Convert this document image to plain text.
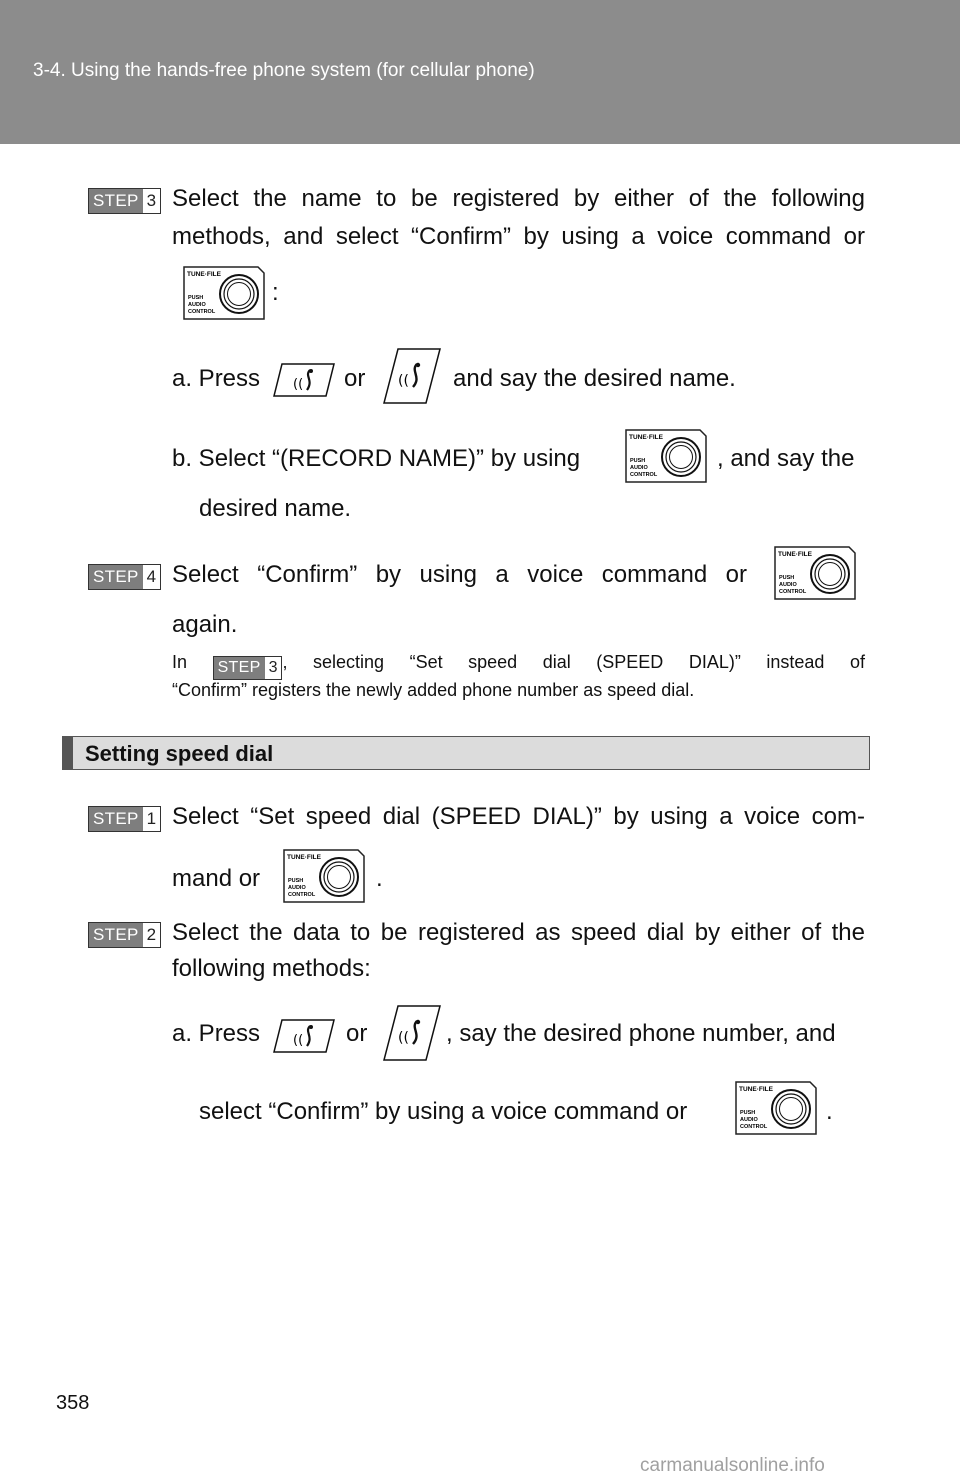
3-4. Using the hands-free phone system (for cellular phone)
STEP 3 Select the name to be registered by either of the following
methods, and select “Confirm” by using a voice command or
TUNE·FILE
PUSH
AUDIO
CONTROL
:
a. Press	(( or (( and say the desired name.
b. Select “(RECORD NAME)” by using
TUNE·FILE
PUSH
AUDIO
CONTROL
, and say the
desired name.
STEP 4 Select “Confirm” by using a voice command or
TUNE·FILE
PUSH
AUDIO
CONTROL
again.
In STEP 3 , selecting “Set speed dial (SPEED DIAL)” instead of
“Confirm” registers the newly added phone number as speed dial.
Setting speed dial
STEP 1 Select “Set speed dial (SPEED DIAL)” by using a voice com-
mand or
TUNE·FILE
PUSH
AUDIO
CONTROL
.
STEP 2 Select the data to be registered as speed dial by either of the
following methods:
a. Press	(( or (( , say the desired phone number, and
select “Confirm” by using a voice command or
TUNE·FILE
PUSH
AUDIO
CONTROL
.
358
carmanualsonline.info
